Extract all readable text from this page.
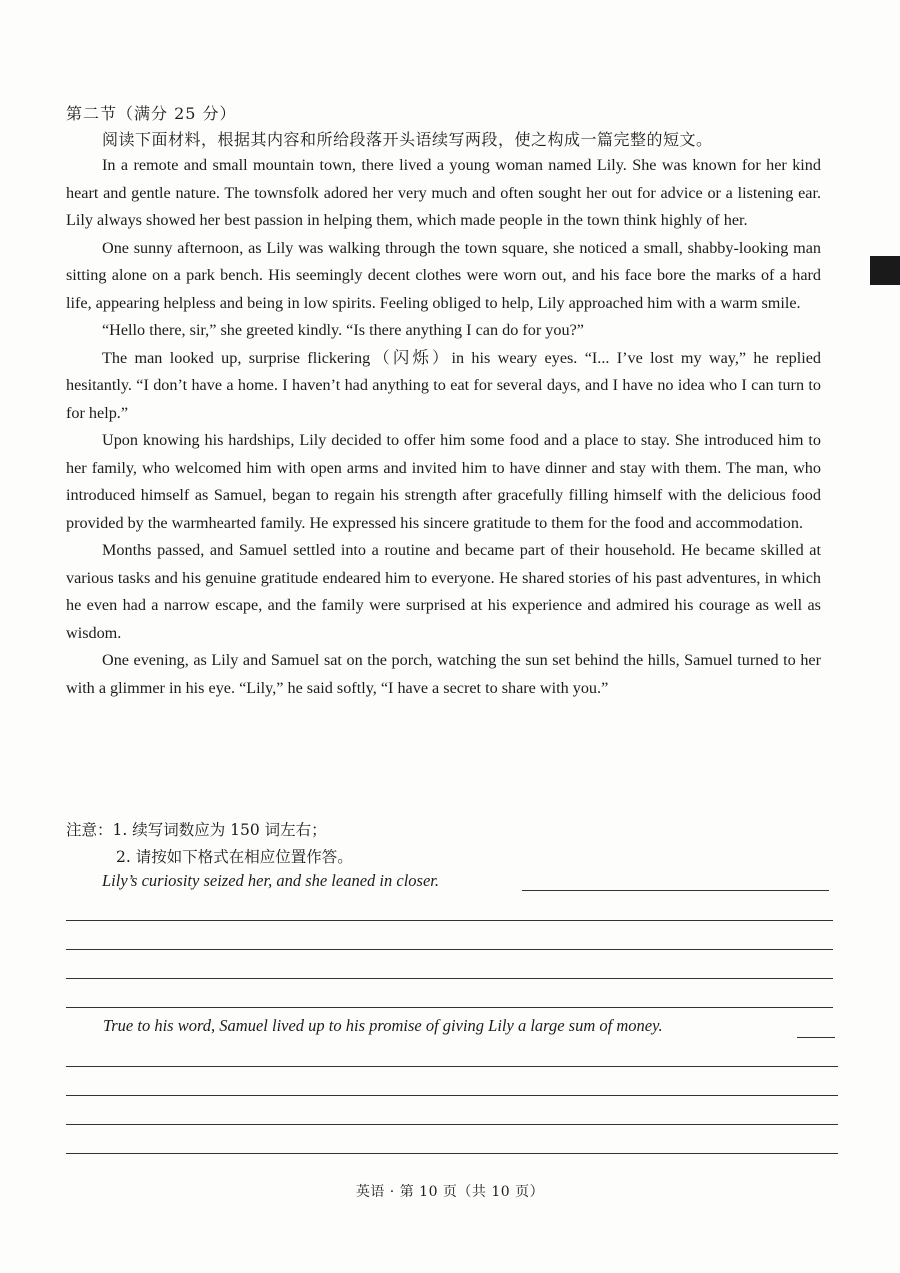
第二节（满分 25 分）
阅读下面材料，根据其内容和所给段落开头语续写两段，使之构成一篇完整的短文。

In a remote and small mountain town, there lived a young woman named Lily. She was known for her kind heart and gentle nature. The townsfolk adored her very much and often sought her out for advice or a listening ear. Lily always showed her best passion in helping them, which made people in the town think highly of her.

One sunny afternoon, as Lily was walking through the town square, she noticed a small, shabby-looking man sitting alone on a park bench. His seemingly decent clothes were worn out, and his face bore the marks of a hard life, appearing helpless and being in low spirits. Feeling obliged to help, Lily approached him with a warm smile.

“Hello there, sir,” she greeted kindly. “Is there anything I can do for you?”

The man looked up, surprise flickering（闪烁）in his weary eyes. “I... I’ve lost my way,” he replied hesitantly. “I don’t have a home. I haven’t had anything to eat for several days, and I have no idea who I can turn to for help.”

Upon knowing his hardships, Lily decided to offer him some food and a place to stay. She introduced him to her family, who welcomed him with open arms and invited him to have dinner and stay with them. The man, who introduced himself as Samuel, began to regain his strength after gracefully filling himself with the delicious food provided by the warmhearted family. He expressed his sincere gratitude to them for the food and accommodation.

Months passed, and Samuel settled into a routine and became part of their household. He became skilled at various tasks and his genuine gratitude endeared him to everyone. He shared stories of his past adventures, in which he even had a narrow escape, and the family were surprised at his experience and admired his courage as well as wisdom.

One evening, as Lily and Samuel sat on the porch, watching the sun set behind the hills, Samuel turned to her with a glimmer in his eye. “Lily,” he said softly, “I have a secret to share with you.”

注意：1. 续写词数应为 150 词左右；
2. 请按如下格式在相应位置作答。
Lily’s curiosity seized her, and she leaned in closer.
True to his word, Samuel lived up to his promise of giving Lily a large sum of money.
英语 · 第 10 页（共 10 页）
